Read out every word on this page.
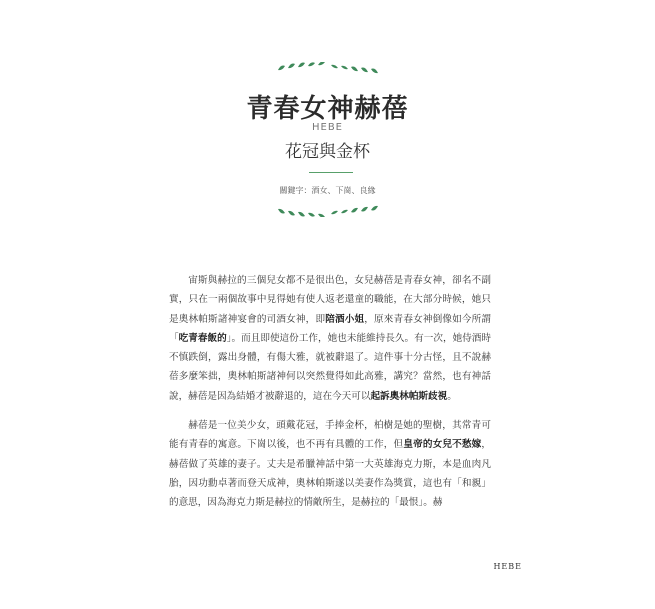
青春女神赫蓓
HEBE
花冠與金杯
關鍵字：酒女、下崗、良緣

宙斯與赫拉的三個兒女都不是很出色，女兒赫蓓是青春女神，卻名不副實，只在一兩個故事中見得她有使人返老還童的職能，在大部分時候，她只是奧林帕斯諸神宴會的司酒女神，即陪酒小姐，原來青春女神倒像如今所謂「吃青春飯的」。而且即使這份工作，她也未能維持長久。有一次，她侍酒時不慎跌倒，露出身體，有傷大雅，就被辭退了。這件事十分古怪，且不說赫蓓多麼笨拙，奧林帕斯諸神何以突然覺得如此高雅，講究？當然，也有神話說，赫蓓是因為結婚才被辭退的，這在今天可以起訴奧林帕斯歧視。

赫蓓是一位美少女，頭戴花冠，手捧金杯，柏樹是她的聖樹，其常青可能有青春的寓意。下崗以後，也不再有具體的工作，但皇帝的女兒不愁嫁，赫蓓做了英雄的妻子。丈夫是希臘神話中第一大英雄海克力斯，本是血肉凡胎，因功勳卓著而登天成神，奧林帕斯遂以美妻作為獎賞，這也有「和親」的意思，因為海克力斯是赫拉的情敵所生，是赫拉的「最恨」。赫

HEBE
